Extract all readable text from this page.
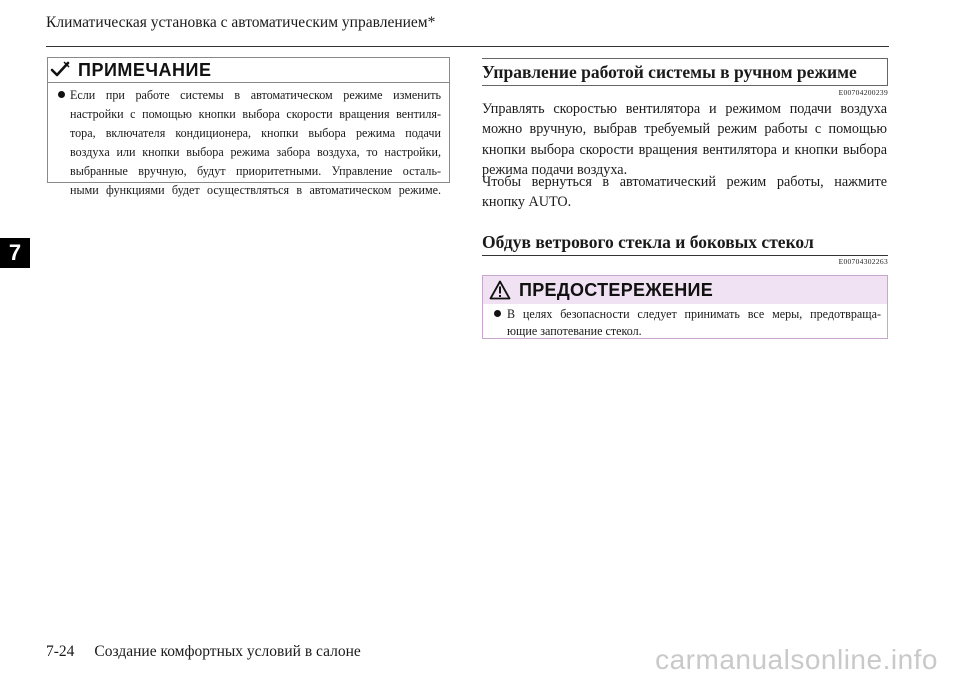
Климатическая установка с автоматическим управлением*
7
ПРИМЕЧАНИЕ
Если при работе системы в автоматическом режиме изменить
настройки с помощью кнопки выбора скорости вращения вентиля-
тора, включателя кондиционера, кнопки выбора режима подачи
воздуха или кнопки выбора режима забора воздуха, то настройки,
выбранные вручную, будут приоритетными. Управление осталь-
ными функциями будет осуществляться в автоматическом режиме.
Управление работой системы в ручном режиме
E00704200239
Управлять скоростью вентилятора и режимом подачи воздуха
можно вручную, выбрав требуемый режим работы с помощью
кнопки выбора скорости вращения вентилятора и кнопки выбора
режима подачи воздуха.
Чтобы вернуться в автоматический режим работы, нажмите
кнопку AUTO.
Обдув ветрового стекла и боковых стекол
E00704302263
ПРЕДОСТЕРЕЖЕНИЕ
В целях безопасности следует принимать все меры, предотвраща-
ющие запотевание стекол.
7-24 Создание комфортных условий в салоне	carmanualsonline.info
